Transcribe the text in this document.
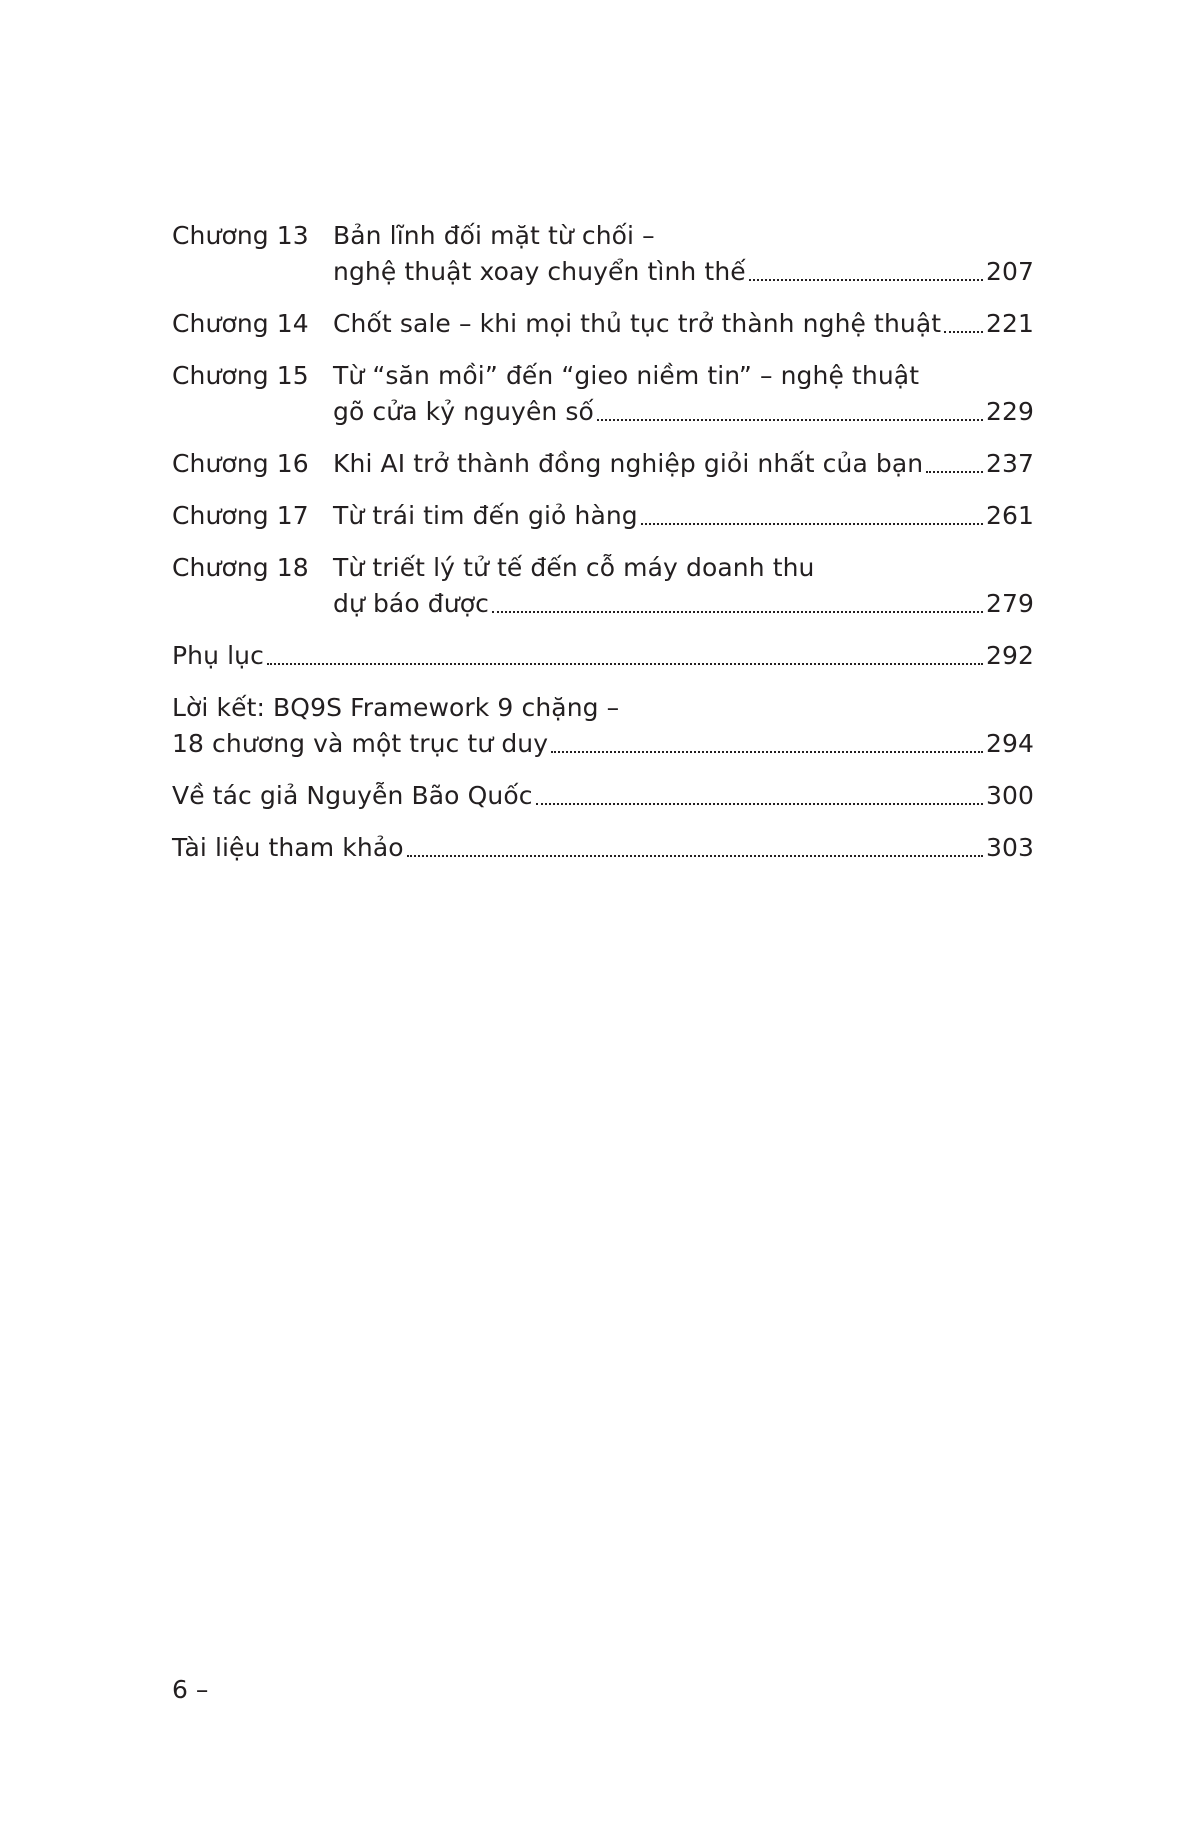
Chương 13 Bản lĩnh đối mặt từ chối –
nghệ thuật xoay chuyển tình thế	207
Chương 14 Chốt sale – khi mọi thủ tục trở thành nghệ thuật 221
Chương 15 Từ “săn mồi” đến “gieo niềm tin” – nghệ thuật
gõ cửa kỷ nguyên số	229
Chương 16 Khi AI trở thành đồng nghiệp giỏi nhất của bạn	237
Chương 17 Từ trái tim đến giỏ hàng	261
Chương 18 Từ triết lý tử tế đến cỗ máy doanh thu
dự báo được	279
Phụ lục	292
Lời kết: BQ9S Framework 9 chặng –
18 chương và một trục tư duy	294
Về tác giả Nguyễn Bão Quốc	300
Tài liệu tham khảo	303
6 –
